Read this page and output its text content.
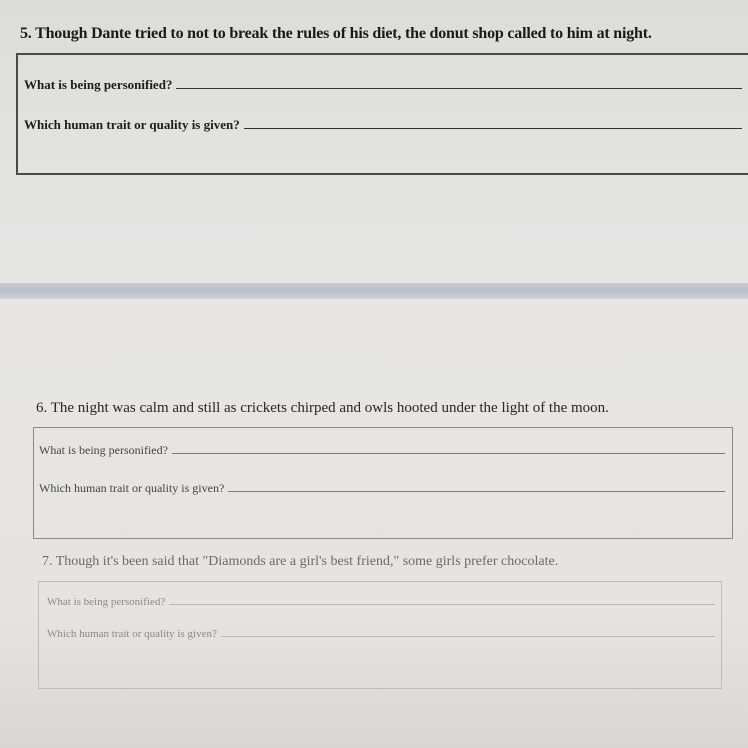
5. Though Dante tried to not to break the rules of his diet, the donut shop called to him at night.

What is being personified?
Which human trait or quality is given?

6. The night was calm and still as crickets chirped and owls hooted under the light of the moon.

What is being personified?
Which human trait or quality is given?

7. Though it's been said that "Diamonds are a girl's best friend," some girls prefer chocolate.

What is being personified?
Which human trait or quality is given?
